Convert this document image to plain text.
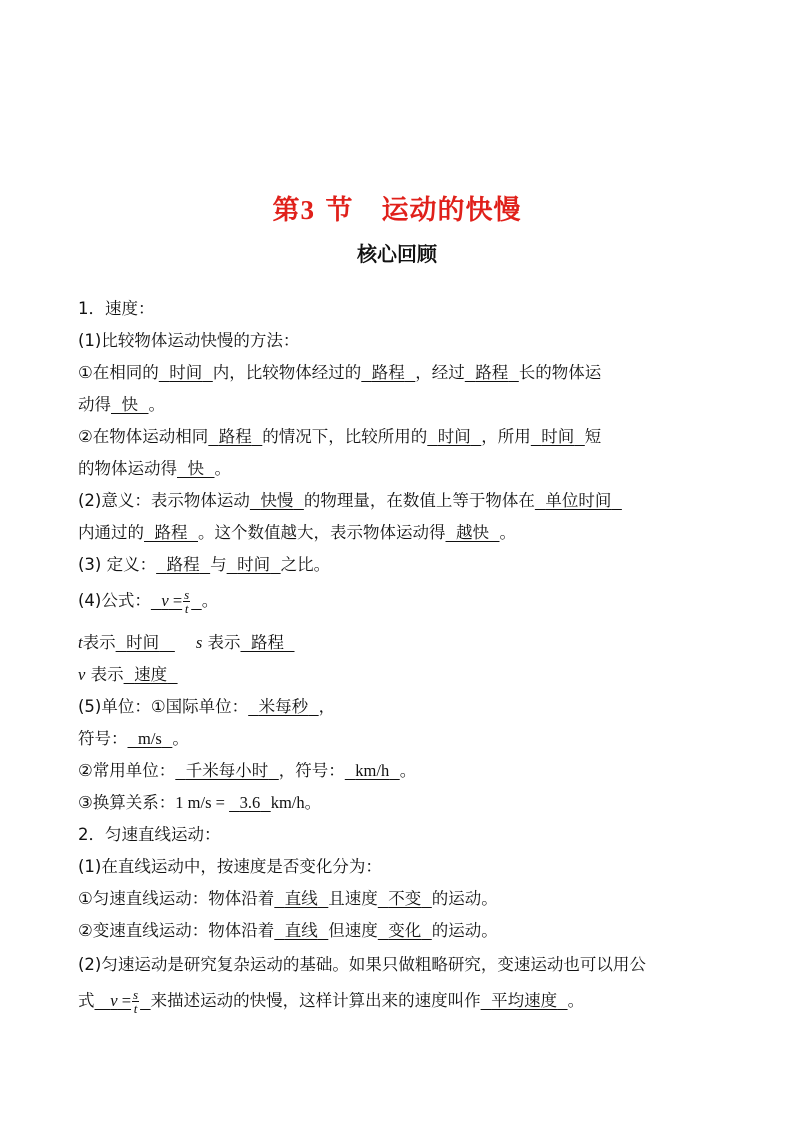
第3 节　运动的快慢
核心回顾
1．速度：
(1)比较物体运动快慢的方法：
①在相同的 时间 内，比较物体经过的 路程 ，经过 路程 长的物体运
动得 快 。
②在物体运动相同 路程 的情况下，比较所用的 时间 ，所用 时间 短
的物体运动得 快 。
(2)意义：表示物体运动 快慢 的物理量，在数值上等于物体在 单位时间
内通过的 路程 。这个数值越大，表示物体运动得 越快 。
(3) 定义： 路程 与 时间 之比。
(4)公式： $v = \frac{s}{t}$ 。
t表示 时间 s 表示 路程
v 表示 速度
(5)单位：①国际单位： 米每秒 ，
符号： m/s 。
②常用单位： 千米每小时 ，符号： km/h 。
③换算关系：1 m/s =   3.6 km/h。
2．匀速直线运动：
(1)在直线运动中，按速度是否变化分为：
①匀速直线运动：物体沿着 直线 且速度 不变 的运动。
②变速直线运动：物体沿着 直线 但速度 变化 的运动。
(2)匀速运动是研究复杂运动的基础。如果只做粗略研究，变速运动也可以用公
式 $v = \frac{s}{t}$ 来描述运动的快慢，这样计算出来的速度叫作 平均速度 。
